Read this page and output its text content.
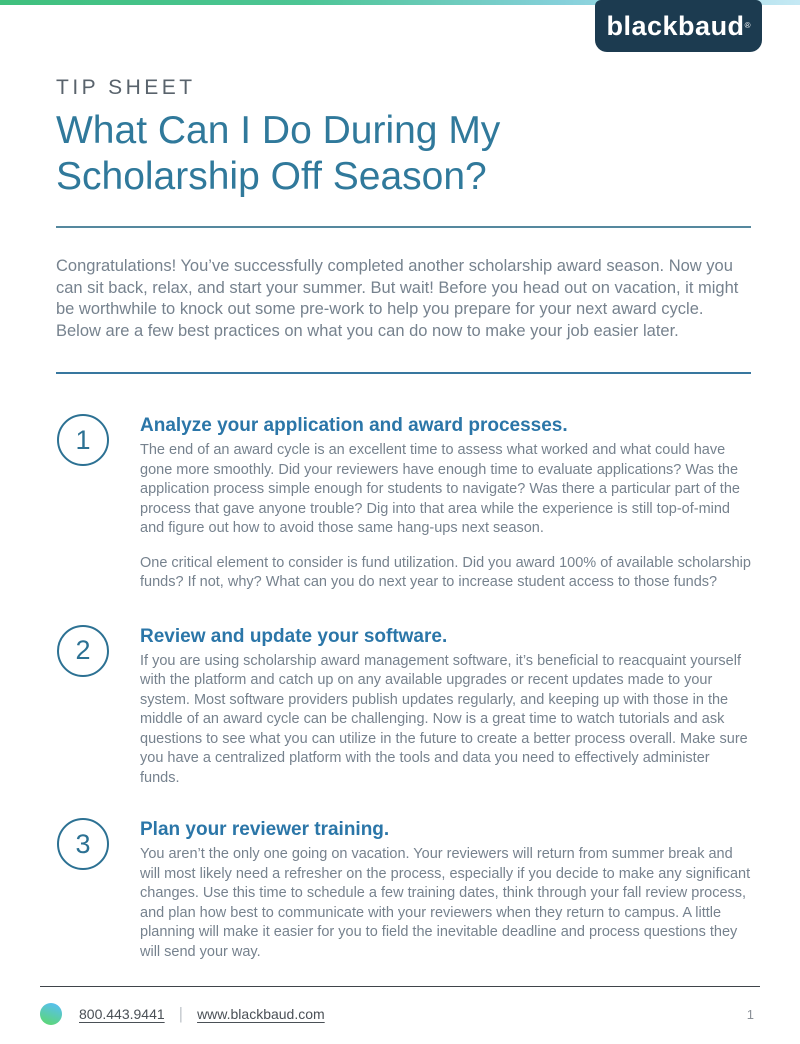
blackbaud ®
TIP SHEET
What Can I Do During My
Scholarship Off Season?

Congratulations! You’ve successfully completed another scholarship award season. Now you can sit back, relax, and start your summer. But wait! Before you head out on vacation, it might be worthwhile to knock out some pre-work to help you prepare for your next award cycle. Below are a few best practices on what you can do now to make your job easier later.

1	Analyze your application and award processes.

The end of an award cycle is an excellent time to assess what worked and what could have gone more smoothly. Did your reviewers have enough time to evaluate applications? Was the application process simple enough for students to navigate? Was there a particular part of the process that gave anyone trouble? Dig into that area while the experience is still top-of-mind and figure out how to avoid those same hang-ups next season.

One critical element to consider is fund utilization. Did you award 100% of available scholarship funds? If not, why? What can you do next year to increase student access to those funds?

2	Review and update your software.

If you are using scholarship award management software, it’s beneficial to reacquaint yourself with the platform and catch up on any available upgrades or recent updates made to your system. Most software providers publish updates regularly, and keeping up with those in the middle of an award cycle can be challenging. Now is a great time to watch tutorials and ask questions to see what you can utilize in the future to create a better process overall. Make sure you have a centralized platform with the tools and data you need to effectively administer funds.

3	Plan your reviewer training.

You aren’t the only one going on vacation. Your reviewers will return from summer break and will most likely need a refresher on the process, especially if you decide to make any significant changes. Use this time to schedule a few training dates, think through your fall review process, and plan how best to communicate with your reviewers when they return to campus. A little planning will make it easier for you to field the inevitable deadline and process questions they will send your way.

800.443.9441 | www.blackbaud.com	1
